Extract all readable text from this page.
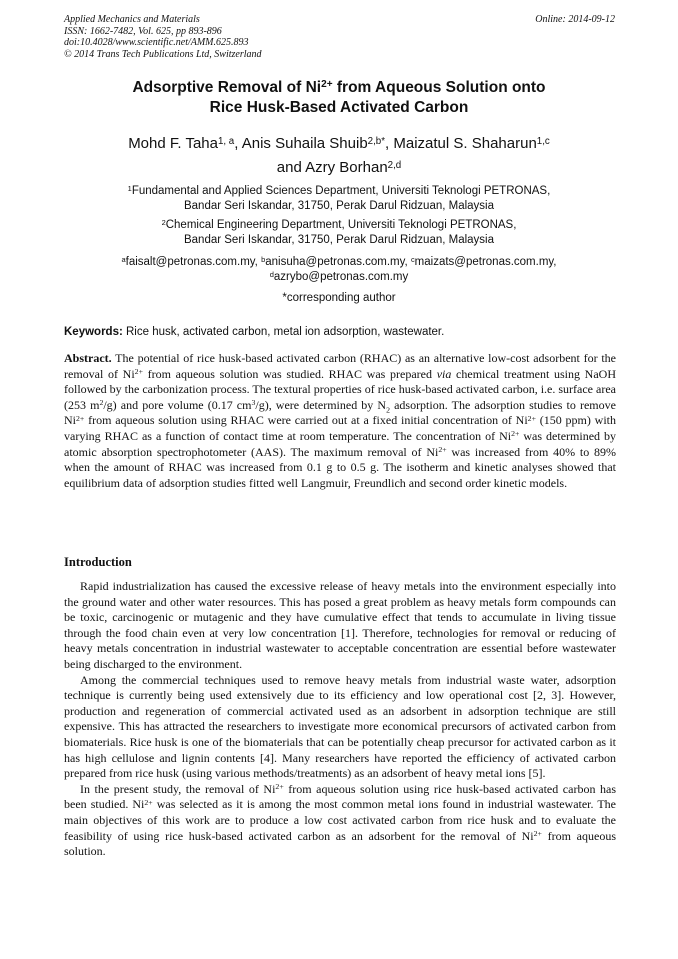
Applied Mechanics and Materials
ISSN: 1662-7482, Vol. 625, pp 893-896
doi:10.4028/www.scientific.net/AMM.625.893
© 2014 Trans Tech Publications Ltd, Switzerland
Online: 2014-09-12
Adsorptive Removal of $Ni^{2+}$ from Aqueous Solution onto
Rice Husk-Based Activated Carbon
Mohd F. Taha$^{1, a}$, Anis Suhaila Shuib$^{2,b*}$, Maizatul S. Shaharun$^{1,c}$
and Azry Borhan$^{2,d}$
$^1$Fundamental and Applied Sciences Department, Universiti Teknologi PETRONAS,
Bandar Seri Iskandar, 31750, Perak Darul Ridzuan, Malaysia
$^2$Chemical Engineering Department, Universiti Teknologi PETRONAS,
Bandar Seri Iskandar, 31750, Perak Darul Ridzuan, Malaysia
$^a$faisalt@petronas.com.my, $^b$anisuha@petronas.com.my, $^c$maizats@petronas.com.my,
$^d$azrybo@petronas.com.my
*corresponding author
Keywords: Rice husk, activated carbon, metal ion adsorption, wastewater.
Abstract. The potential of rice husk-based activated carbon (RHAC) as an alternative low-cost adsorbent for the removal of $Ni^{2+}$ from aqueous solution was studied. RHAC was prepared via chemical treatment using NaOH followed by the carbonization process. The textural properties of rice husk-based activated carbon, i.e. surface area (253 $m^2/g$) and pore volume (0.17 $cm^3/g$), were determined by $N_2$ adsorption. The adsorption studies to remove $Ni^{2+}$ from aqueous solution using RHAC were carried out at a fixed initial concentration of $Ni^{2+}$ (150 ppm) with varying RHAC as a function of contact time at room temperature. The concentration of $Ni^{2+}$ was determined by atomic absorption spectrophotometer (AAS). The maximum removal of $Ni^{2+}$ was increased from 40% to 89% when the amount of RHAC was increased from 0.1 g to 0.5 g. The isotherm and kinetic analyses showed that equilibrium data of adsorption studies fitted well Langmuir, Freundlich and second order kinetic models.
Introduction

Rapid industrialization has caused the excessive release of heavy metals into the environment especially into the ground water and other water resources. This has posed a great problem as heavy metals form compounds can be toxic, carcinogenic or mutagenic and they have cumulative effect that tends to accumulate in living tissue through the food chain even at very low concentration [1]. Therefore, technologies for removal or reducing of heavy metals concentration in industrial wastewater to acceptable concentration are essential before wastewater being discharged to the environment.

Among the commercial techniques used to remove heavy metals from industrial waste water, adsorption technique is currently being used extensively due to its efficiency and low operational cost [2, 3]. However, production and regeneration of commercial activated used as an adsorbent in adsorption technique are still expensive. This has attracted the researchers to investigate more economical precursors of activated carbon from biomaterials. Rice husk is one of the biomaterials that can be potentially cheap precursor for activated carbon as it has high cellulose and lignin contents [4]. Many researchers have reported the efficiency of activated carbon prepared from rice husk (using various methods/treatments) as an adsorbent of heavy metal ions [5].

In the present study, the removal of $Ni^{2+}$ from aqueous solution using rice husk-based activated carbon has been studied. $Ni^{2+}$ was selected as it is among the most common metal ions found in industrial wastewater. The main objectives of this work are to produce a low cost activated carbon from rice husk and to evaluate the feasibility of using rice husk-based activated carbon as an adsorbent for the removal of $Ni^{2+}$ from aqueous solution.
